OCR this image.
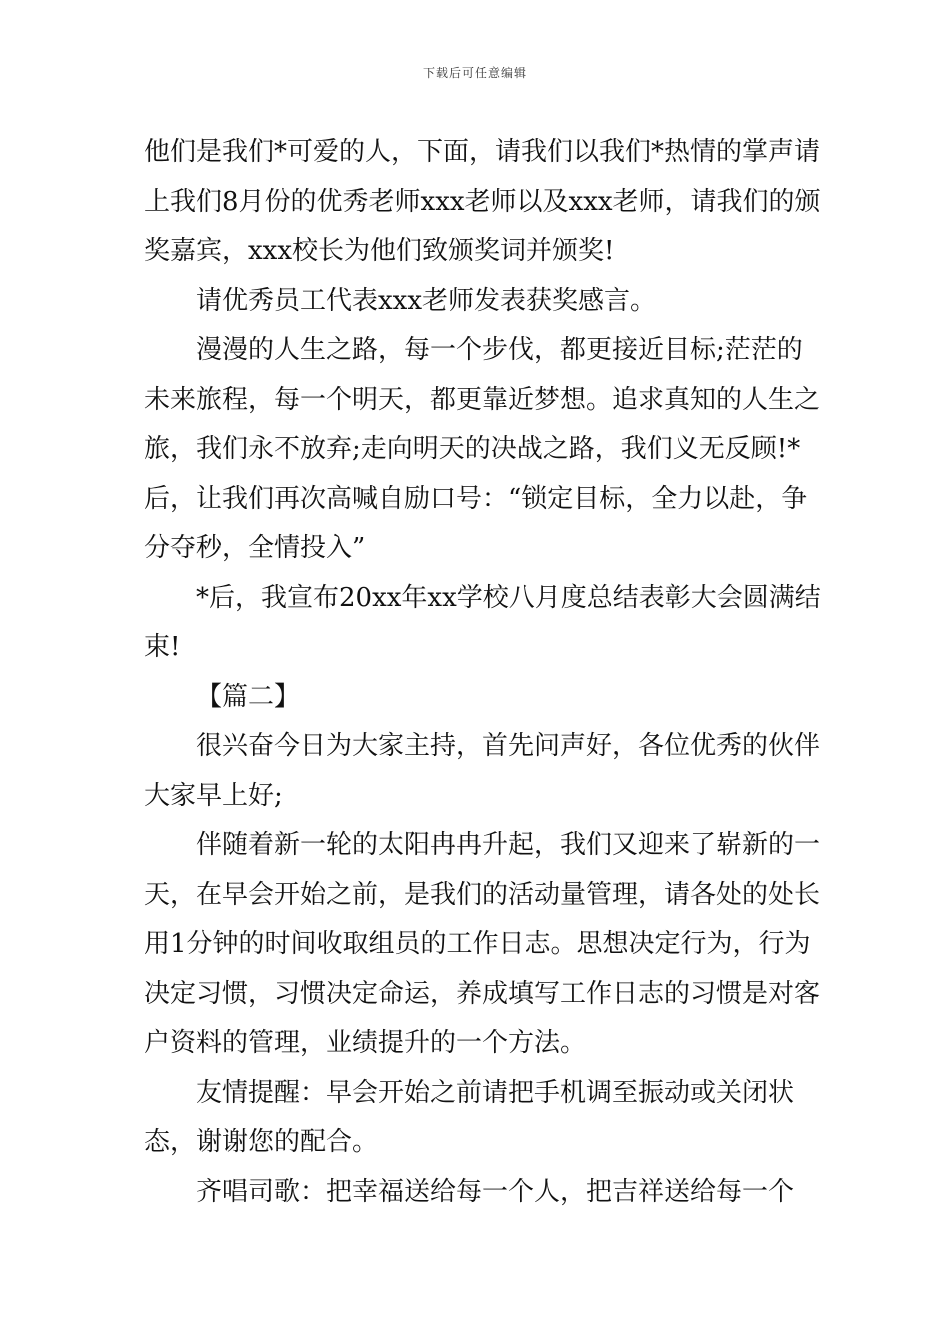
下载后可任意编辑

他们是我们*可爱的人，下面，请我们以我们*热情的掌声请上我们8月份的优秀老师xxx老师以及xxx老师，请我们的颁奖嘉宾，xxx校长为他们致颁奖词并颁奖!

请优秀员工代表xxx老师发表获奖感言。

漫漫的人生之路，每一个步伐，都更接近目标;茫茫的未来旅程，每一个明天，都更靠近梦想。追求真知的人生之旅，我们永不放弃;走向明天的决战之路，我们义无反顾!*后，让我们再次高喊自励口号：“锁定目标，全力以赴，争分夺秒，全情投入”

*后，我宣布20xx年xx学校八月度总结表彰大会圆满结束!

【篇二】

很兴奋今日为大家主持，首先问声好，各位优秀的伙伴大家早上好;

伴随着新一轮的太阳冉冉升起，我们又迎来了崭新的一天，在早会开始之前，是我们的活动量管理，请各处的处长用1分钟的时间收取组员的工作日志。思想决定行为，行为决定习惯，习惯决定命运，养成填写工作日志的习惯是对客户资料的管理，业绩提升的一个方法。

友情提醒：早会开始之前请把手机调至振动或关闭状态，谢谢您的配合。

齐唱司歌：把幸福送给每一个人，把吉祥送给每一个
